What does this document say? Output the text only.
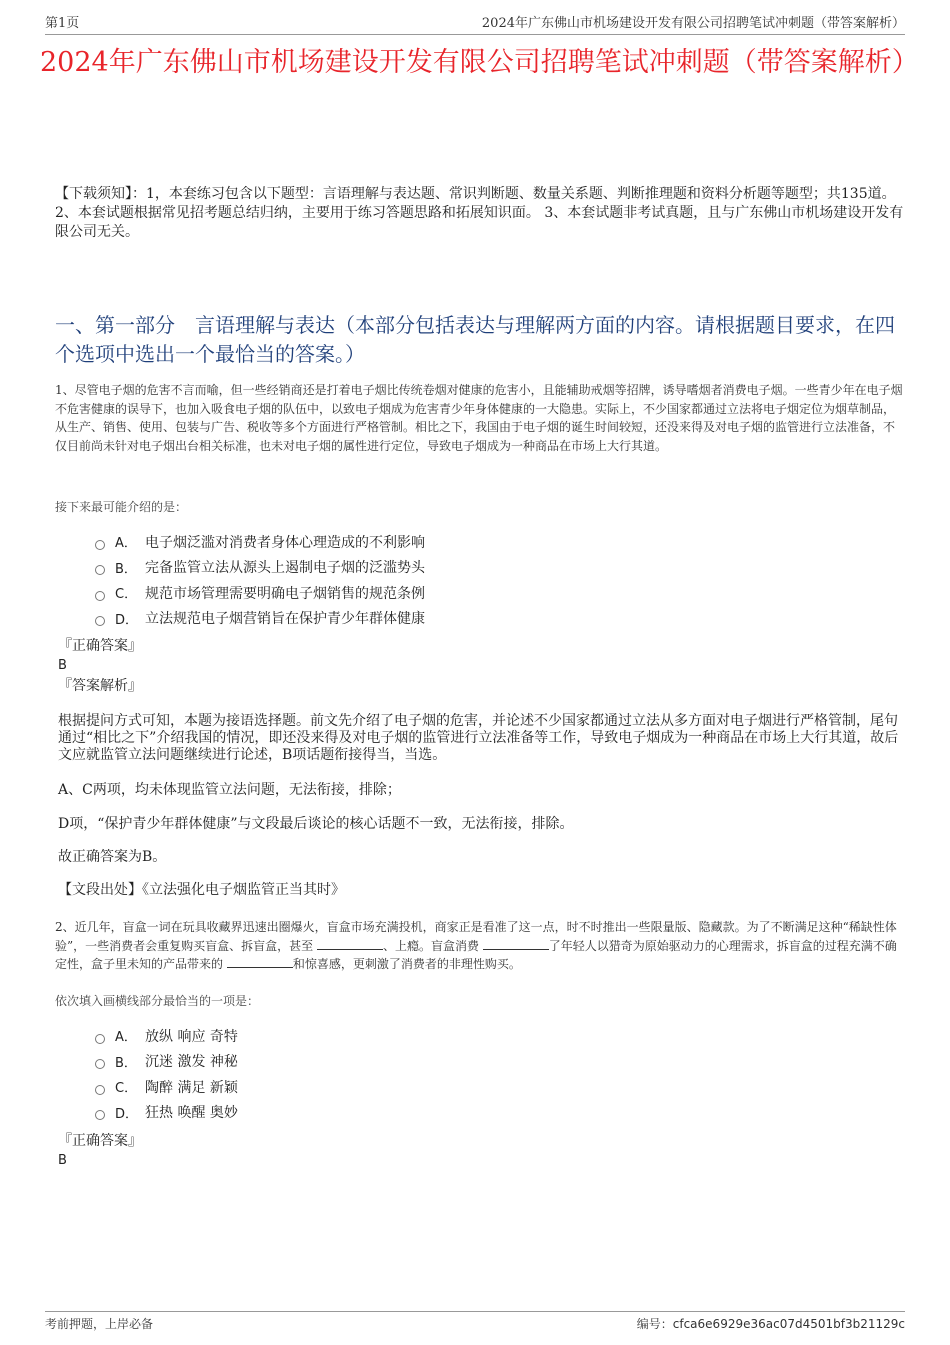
第1页	2024年广东佛山市机场建设开发有限公司招聘笔试冲刺题（带答案解析）
2024年广东佛山市机场建设开发有限公司招聘笔试冲刺题（带答案解析）
【下载须知】：1，本套练习包含以下题型：言语理解与表达题、常识判断题、数量关系题、判断推理题和资料分析题等题型；共135道。 2、本套试题根据常见招考题总结归纳，主要用于练习答题思路和拓展知识面。 3、本套试题非考试真题，且与广东佛山市机场建设开发有限公司无关。
一、第一部分　言语理解与表达（本部分包括表达与理解两方面的内容。请根据题目要求，在四个选项中选出一个最恰当的答案。）
1、尽管电子烟的危害不言而喻，但一些经销商还是打着电子烟比传统卷烟对健康的危害小，且能辅助戒烟等招牌，诱导嗜烟者消费电子烟。一些青少年在电子烟不危害健康的误导下，也加入吸食电子烟的队伍中，以致电子烟成为危害青少年身体健康的一大隐患。实际上，不少国家都通过立法将电子烟定位为烟草制品，从生产、销售、使用、包装与广告、税收等多个方面进行严格管制。相比之下，我国由于电子烟的诞生时间较短，还没来得及对电子烟的监管进行立法准备，不仅目前尚未针对电子烟出台相关标准，也未对电子烟的属性进行定位，导致电子烟成为一种商品在市场上大行其道。
接下来最可能介绍的是：
A． 电子烟泛滥对消费者身体心理造成的不利影响
B． 完备监管立法从源头上遏制电子烟的泛滥势头
C． 规范市场管理需要明确电子烟销售的规范条例
D． 立法规范电子烟营销旨在保护青少年群体健康
『正确答案』
B
『答案解析』
根据提问方式可知，本题为接语选择题。前文先介绍了电子烟的危害，并论述不少国家都通过立法从多方面对电子烟进行严格管制，尾句通过“相比之下”介绍我国的情况，即还没来得及对电子烟的监管进行立法准备等工作，导致电子烟成为一种商品在市场上大行其道，故后文应就监管立法问题继续进行论述，B项话题衔接得当，当选。
A、C两项，均未体现监管立法问题，无法衔接，排除；
D项，“保护青少年群体健康”与文段最后谈论的核心话题不一致，无法衔接，排除。
故正确答案为B。
【文段出处】《立法强化电子烟监管正当其时》
2、近几年，盲盒一词在玩具收藏界迅速出圈爆火，盲盒市场充满投机，商家正是看准了这一点，时不时推出一些限量版、隐藏款。为了不断满足这种“稀缺性体验”，一些消费者会重复购买盲盒、拆盲盒，甚至	、上瘾。盲盒消费	了年轻人以猎奇为原始驱动力的心理需求，拆盲盒的过程充满不确定性，盒子里未知的产品带来的	和惊喜感，更刺激了消费者的非理性购买。
依次填入画横线部分最恰当的一项是：
A． 放纵 响应 奇特
B． 沉迷 激发 神秘
C． 陶醉 满足 新颖
D． 狂热 唤醒 奥妙
『正确答案』
B
考前押题，上岸必备	编号：cfca6e6929e36ac07d4501bf3b21129c
